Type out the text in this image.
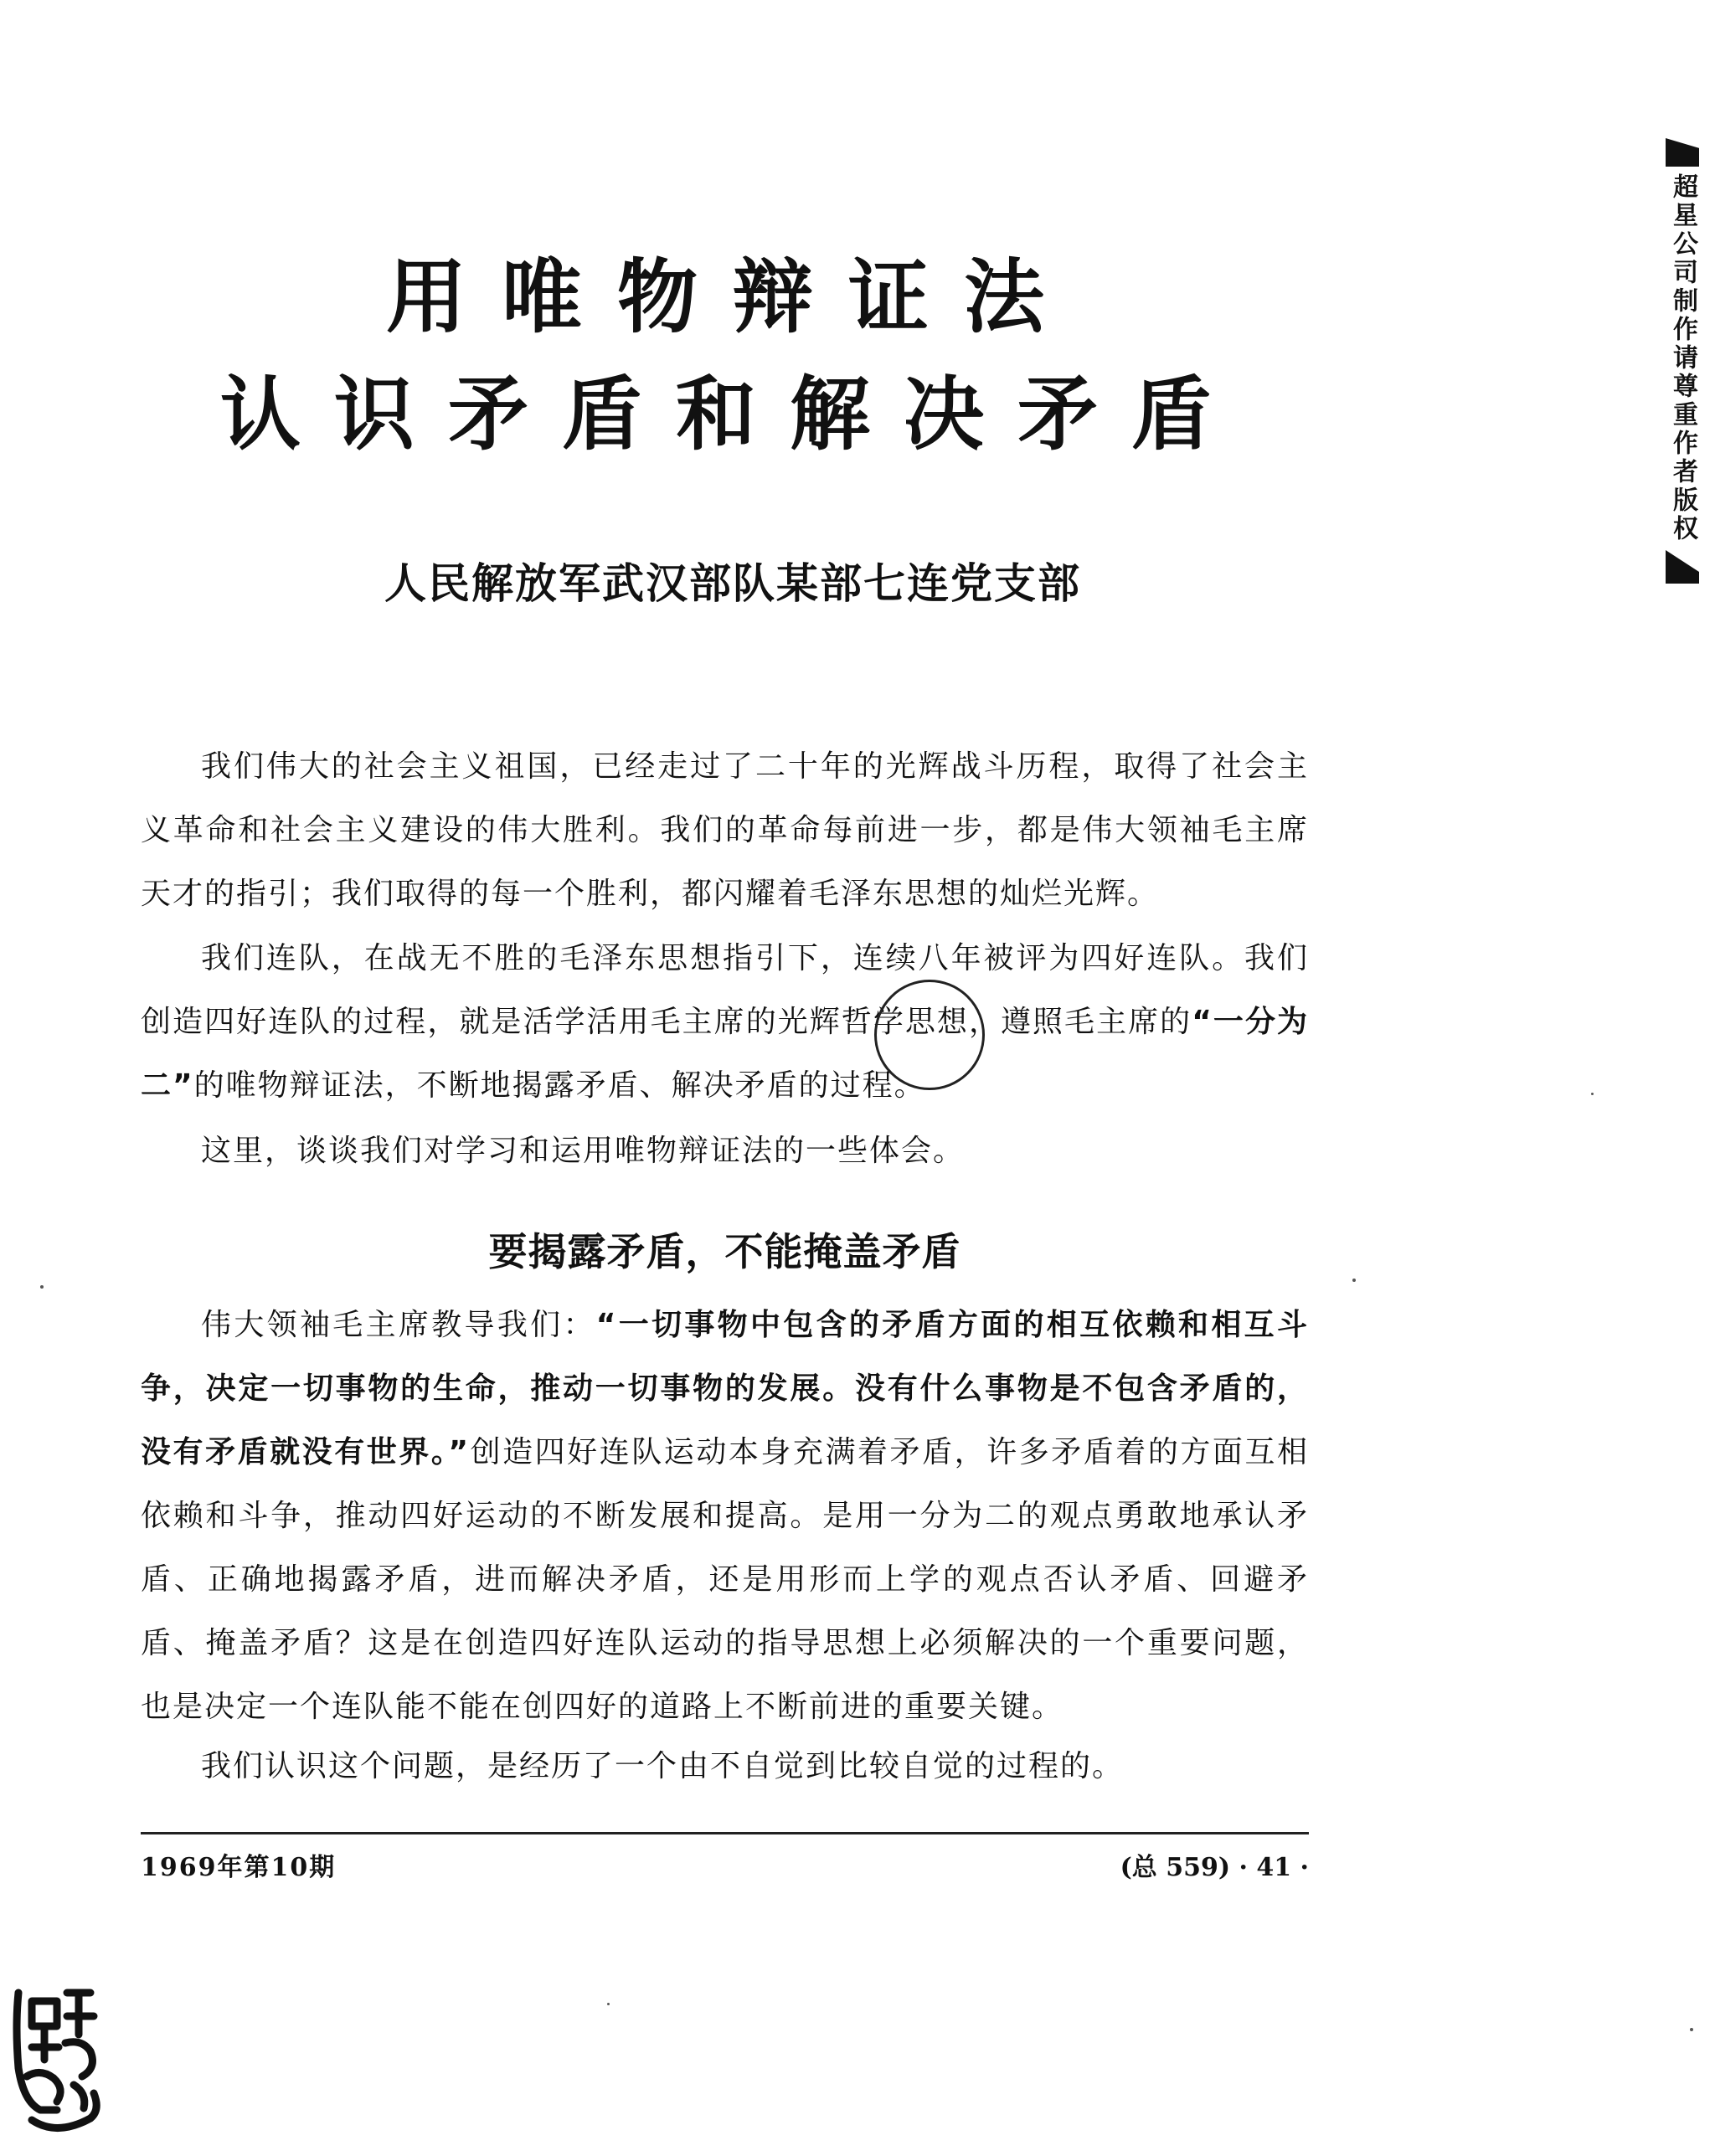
用唯物辩证法
认识矛盾和解决矛盾
人民解放军武汉部队某部七连党支部
我们伟大的社会主义祖国，已经走过了二十年的光辉战斗历程，取得了社会主义革命和社会主义建设的伟大胜利。我们的革命每前进一步，都是伟大领袖毛主席天才的指引；我们取得的每一个胜利，都闪耀着毛泽东思想的灿烂光辉。
我们连队，在战无不胜的毛泽东思想指引下，连续八年被评为四好连队。我们创造四好连队的过程，就是活学活用毛主席的光辉哲学思想，遵照毛主席的“一分为二”的唯物辩证法，不断地揭露矛盾、解决矛盾的过程。
这里，谈谈我们对学习和运用唯物辩证法的一些体会。
要揭露矛盾，不能掩盖矛盾
伟大领袖毛主席教导我们：“一切事物中包含的矛盾方面的相互依赖和相互斗争，决定一切事物的生命，推动一切事物的发展。没有什么事物是不包含矛盾的，没有矛盾就没有世界。”创造四好连队运动本身充满着矛盾，许多矛盾着的方面互相依赖和斗争，推动四好运动的不断发展和提高。是用一分为二的观点勇敢地承认矛盾、正确地揭露矛盾，进而解决矛盾，还是用形而上学的观点否认矛盾、回避矛盾、掩盖矛盾？这是在创造四好连队运动的指导思想上必须解决的一个重要问题，也是决定一个连队能不能在创四好的道路上不断前进的重要关键。
我们认识这个问题，是经历了一个由不自觉到比较自觉的过程的。
1969年第10期	(总 559) · 41 ·
超星公司制作请尊重作者版权
